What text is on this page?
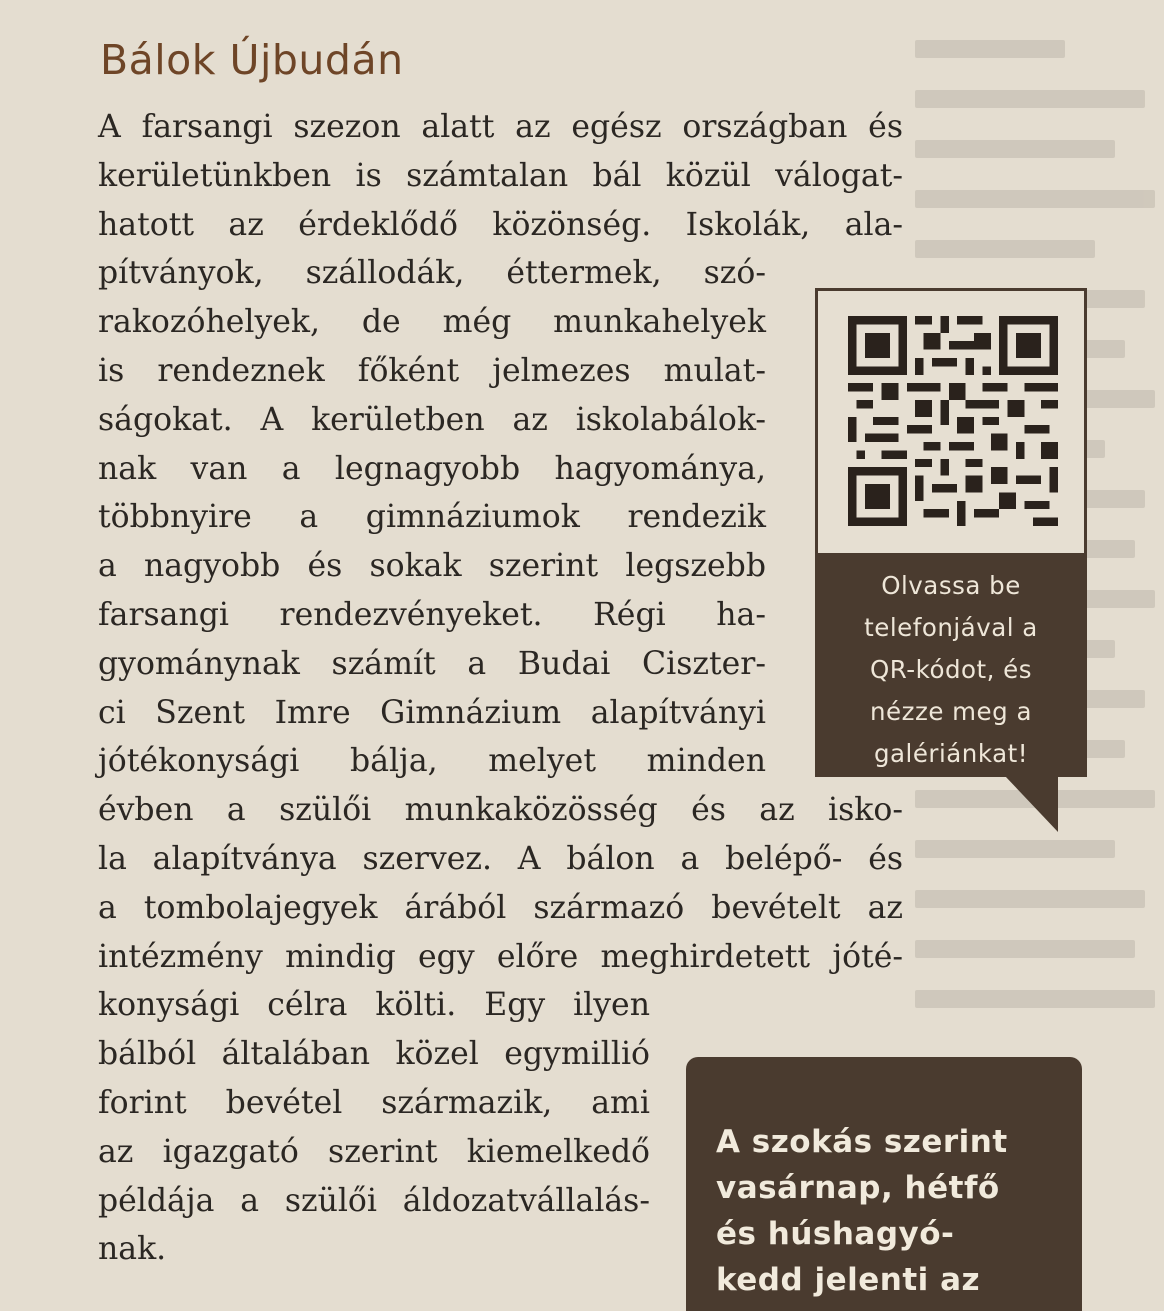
Bálok Újbudán
A farsangi szezon alatt az egész országban és
kerületünkben is számtalan bál közül válogat-
hatott az érdeklődő közönség. Iskolák, ala-
pítványok, szállodák, éttermek, szó-
rakozóhelyek, de még munkahelyek
is rendeznek főként jelmezes mulat-
ságokat. A kerületben az iskolabálok-
nak van a legnagyobb hagyománya,
többnyire a gimnáziumok rendezik
a nagyobb és sokak szerint legszebb
farsangi rendezvényeket. Régi ha-
gyománynak számít a Budai Ciszter-
ci Szent Imre Gimnázium alapítványi
jótékonysági bálja, melyet minden
évben a szülői munkaközösség és az isko-
la alapítványa szervez. A bálon a belépő- és
a tombolajegyek árából származó bevételt az
intézmény mindig egy előre meghirdetett jóté-
konysági célra költi. Egy ilyen
bálból általában közel egymillió
forint bevétel származik, ami
az igazgató szerint kiemelkedő
példája a szülői áldozatvállalás-
nak.
Olvassa be
telefonjával a
QR-kódot, és
nézze meg a
galériánkat!
A szokás szerint
vasárnap, hétfő
és húshagyó-
kedd jelenti az
